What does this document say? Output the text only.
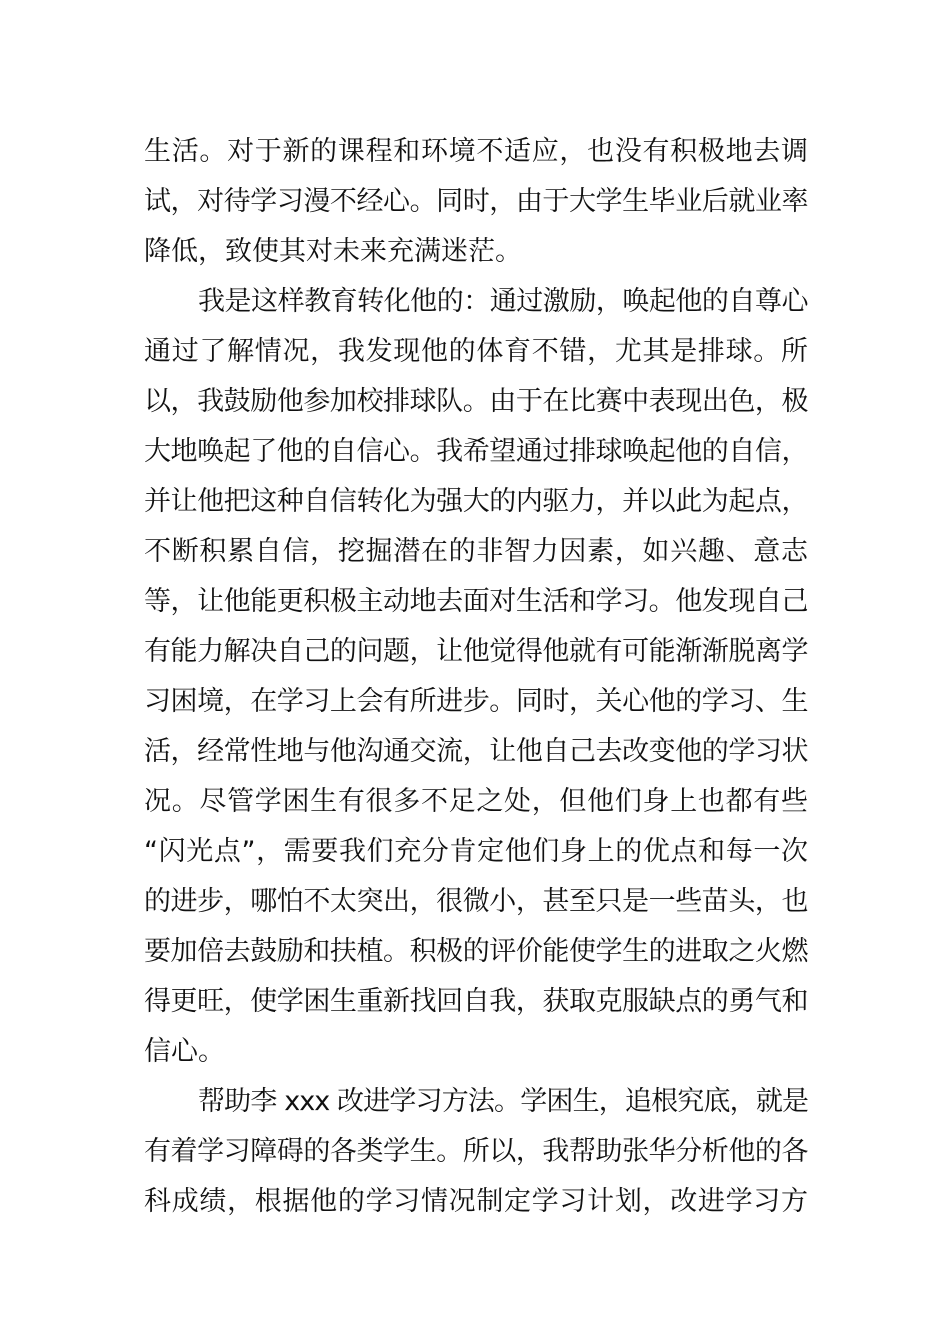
生活。对于新的课程和环境不适应，也没有积极地去调
试，对待学习漫不经心。同时，由于大学生毕业后就业率
降低，致使其对未来充满迷茫。
我是这样教育转化他的：通过激励，唤起他的自尊心
通过了解情况，我发现他的体育不错，尤其是排球。所
以，我鼓励他参加校排球队。由于在比赛中表现出色，极
大地唤起了他的自信心。我希望通过排球唤起他的自信，
并让他把这种自信转化为强大的内驱力，并以此为起点，
不断积累自信，挖掘潜在的非智力因素，如兴趣、意志
等，让他能更积极主动地去面对生活和学习。他发现自己
有能力解决自己的问题，让他觉得他就有可能渐渐脱离学
习困境，在学习上会有所进步。同时，关心他的学习、生
活，经常性地与他沟通交流，让他自己去改变他的学习状
况。尽管学困生有很多不足之处，但他们身上也都有些
“闪光点”，需要我们充分肯定他们身上的优点和每一次
的进步，哪怕不太突出，很微小，甚至只是一些苗头，也
要加倍去鼓励和扶植。积极的评价能使学生的进取之火燃
得更旺，使学困生重新找回自我，获取克服缺点的勇气和
信心。
帮助李 xxx 改进学习方法。学困生，追根究底，就是
有着学习障碍的各类学生。所以，我帮助张华分析他的各
科成绩，根据他的学习情况制定学习计划，改进学习方
